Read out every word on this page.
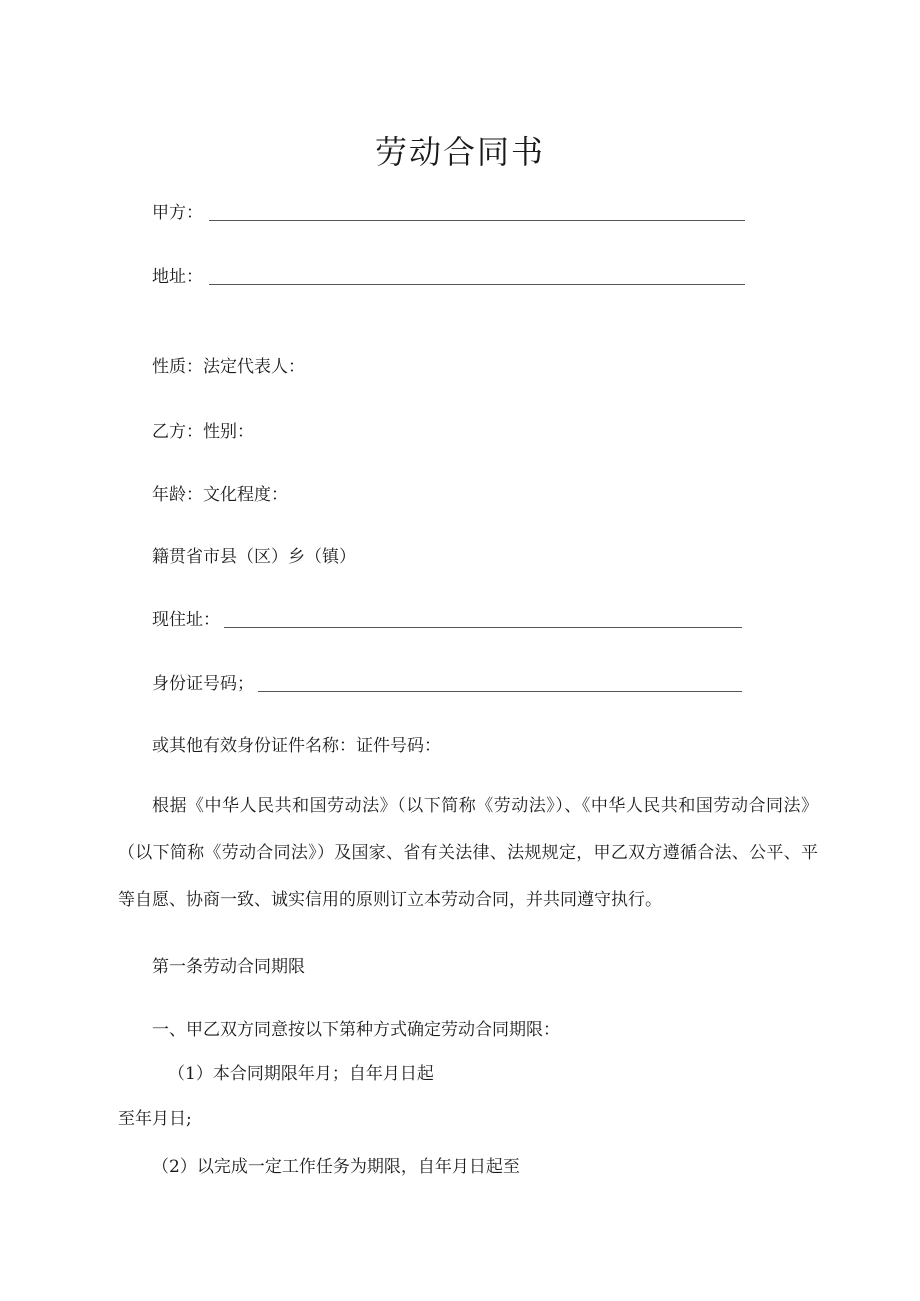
劳动合同书
甲方：
地址：
性质：法定代表人：
乙方：性别：
年龄：文化程度：
籍贯省市县（区）乡（镇）
现住址：
身份证号码；
或其他有效身份证件名称：证件号码：
根据《中华人民共和国劳动法》（以下简称《劳动法》）、《中华人民共和国劳动合同法》（以下简称《劳动合同法》）及国家、省有关法律、法规规定，甲乙双方遵循合法、公平、平等自愿、协商一致、诚实信用的原则订立本劳动合同，并共同遵守执行。
第一条劳动合同期限
一、甲乙双方同意按以下第种方式确定劳动合同期限：
（1）本合同期限年月；自年月日起
至年月日;
（2）以完成一定工作任务为期限，自年月日起至
